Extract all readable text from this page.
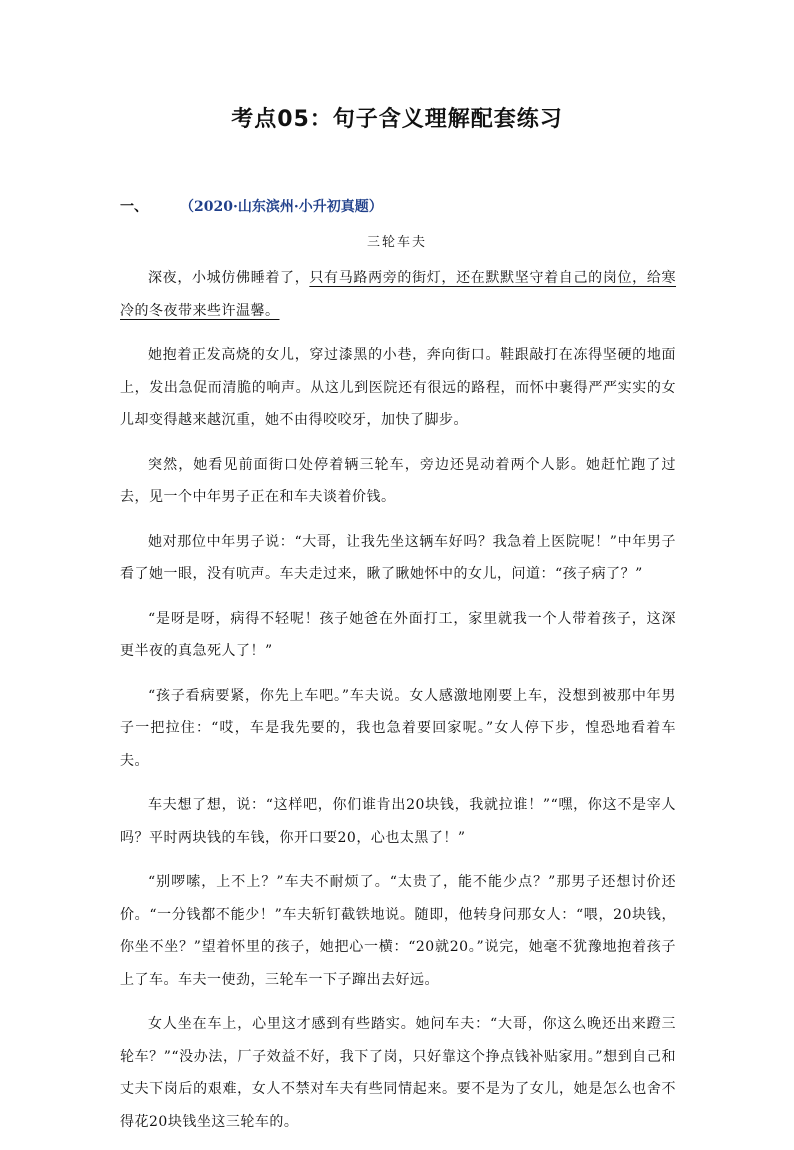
考点05：句子含义理解配套练习
一、 （2020·山东滨州·小升初真题）
三轮车夫

深夜，小城仿佛睡着了，只有马路两旁的街灯，还在默默坚守着自己的岗位，给寒冷的冬夜带来些许温馨。

她抱着正发高烧的女儿，穿过漆黑的小巷，奔向街口。鞋跟敲打在冻得坚硬的地面上，发出急促而清脆的响声。从这儿到医院还有很远的路程，而怀中裹得严严实实的女儿却变得越来越沉重，她不由得咬咬牙，加快了脚步。

突然，她看见前面街口处停着辆三轮车，旁边还晃动着两个人影。她赶忙跑了过去，见一个中年男子正在和车夫谈着价钱。

她对那位中年男子说：“大哥，让我先坐这辆车好吗？我急着上医院呢！”中年男子看了她一眼，没有吭声。车夫走过来，瞅了瞅她怀中的女儿，问道：“孩子病了？”

“是呀是呀，病得不轻呢！孩子她爸在外面打工，家里就我一个人带着孩子，这深更半夜的真急死人了！”

“孩子看病要紧，你先上车吧。”车夫说。女人感激地刚要上车，没想到被那中年男子一把拉住：“哎，车是我先要的，我也急着要回家呢。”女人停下步，惶恐地看着车夫。

车夫想了想，说：“这样吧，你们谁肯出20块钱，我就拉谁！”“嘿，你这不是宰人吗？平时两块钱的车钱，你开口要20，心也太黑了！”

“别啰嗦，上不上？”车夫不耐烦了。“太贵了，能不能少点？”那男子还想讨价还价。“一分钱都不能少！”车夫斩钉截铁地说。随即，他转身问那女人：“喂，20块钱，你坐不坐？”望着怀里的孩子，她把心一横：“20就20。”说完，她毫不犹豫地抱着孩子上了车。车夫一使劲，三轮车一下子蹿出去好远。

女人坐在车上，心里这才感到有些踏实。她问车夫：“大哥，你这么晚还出来蹬三轮车？”“没办法，厂子效益不好，我下了岗，只好靠这个挣点钱补贴家用。”想到自己和丈夫下岗后的艰难，女人不禁对车夫有些同情起来。要不是为了女儿，她是怎么也舍不得花20块钱坐这三轮车的。
